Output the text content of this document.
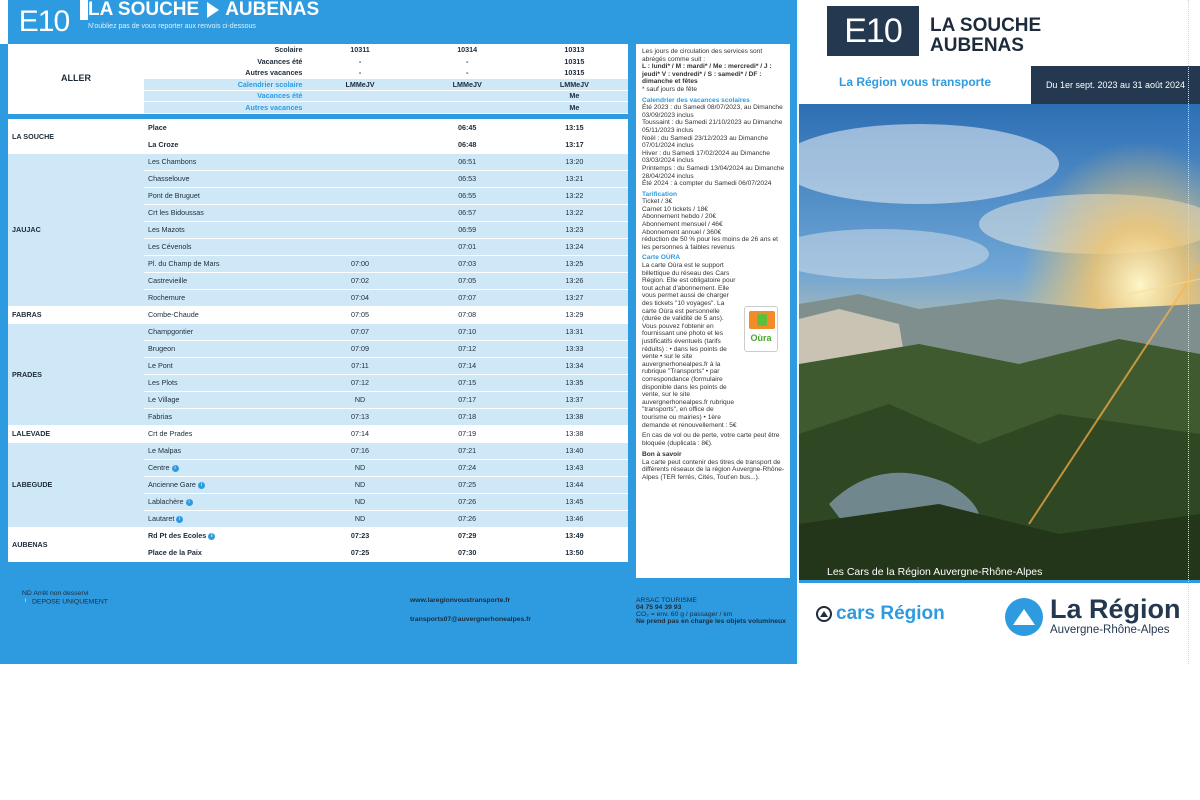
E10 LA SOUCHE AUBENAS
N'oubliez pas de vous reporter aux renvois ci-dessous
ALLER	Scolaire	10311	10314	10313
	Vacances été	-	-	10315
	Autres vacances	-	-	10315
	Calendrier scolaire	LMMeJV	LMMeJV	LMMeJV
	Vacances été			Me
	Autres vacances			Me

LA SOUCHE	Place		06:45	13:15
	La Croze		06:48	13:17
JAUJAC	Les Chambons		06:51	13:20
	Chasselouve		06:53	13:21
	Pont de Bruguet		06:55	13:22
	Crt les Bidoussas		06:57	13:22
	Les Mazots		06:59	13:23
	Les Cévenols		07:01	13:24
	Pl. du Champ de Mars	07:00	07:03	13:25
	Castrevieille	07:02	07:05	13:26
	Rochemure	07:04	07:07	13:27
FABRAS	Combe-Chaude	07:05	07:08	13:29
PRADES	Champgontier	07:07	07:10	13:31
	Brugeon	07:09	07:12	13:33
	Le Pont	07:11	07:14	13:34
	Les Plots	07:12	07:15	13:35
	Le Village	ND	07:17	13:37
	Fabrias	07:13	07:18	13:38
LALEVADE	Crt de Prades	07:14	07:19	13:38
LABEGUDE	Le Malpas	07:16	07:21	13:40
	Centre i	ND	07:24	13:43
	Ancienne Gare i	ND	07:25	13:44
	Lablachère i	ND	07:26	13:45
	Lautaret i	ND	07:26	13:46
AUBENAS	Rd Pt des Ecoles i	07:23	07:29	13:49
	Place de la Paix	07:25	07:30	13:50
Les jours de circulation des services sont abrégés comme suit :
L : lundi* / M : mardi* / Me : mercredi* / J : jeudi* V : vendredi* / S : samedi* / DF : dimanche et fêtes
* sauf jours de fête
Calendrier des vacances scolaires
Été 2023 : du Samedi 08/07/2023, au Dimanche 03/09/2023 inclus
Toussaint : du Samedi 21/10/2023 au Dimanche 05/11/2023 inclus
Noël : du Samedi 23/12/2023 au Dimanche 07/01/2024 inclus
Hiver : du Samedi 17/02/2024 au Dimanche 03/03/2024 inclus
Printemps : du Samedi 13/04/2024 au Dimanche 28/04/2024 inclus
Été 2024 : à compter du Samedi 06/07/2024
Tarification
Ticket / 3€
Carnet 10 tickets / 18€
Abonnement hebdo / 20€
Abonnement mensuel / 46€
Abonnement annuel / 360€
réduction de 50 % pour les moins de 26 ans et les personnes à faibles revenus
Carte OÙRA
La carte Oùra est le support billettique du réseau des Cars Région. Elle est obligatoire pour tout achat d'abonnement. Elle vous permet aussi de charger des tickets "10 voyages". La carte Oùra est personnelle (durée de validité de 5 ans). Vous pouvez l'obtenir en fournissant une photo et les justificatifs éventuels (tarifs réduits) : • dans les points de vente • sur le site auvergnerhonealpes.fr à la rubrique "Transports" • par correspondance (formulaire disponible dans les points de vente, sur le site auvergnerhonealpes.fr rubrique "transports", en office de tourisme ou mairies) • 1ère demande et renouvellement : 5€
En cas de vol ou de perte, votre carte peut être bloquée (duplicata : 8€).
Bon à savoir
La carte peut contenir des titres de transport de différents réseaux de la région Auvergne-Rhône-Alpes (TER ferrés, Cités, Tout'en bus...).
Oùra
ND Arrêt non desservi
i DEPOSE UNIQUEMENT
Renseignements horaires
www.laregionvoustransporte.fr
Renseignements techniques
transports07@auvergnerhonealpes.fr
Transporteur
ARSAC TOURISME
04 75 94 39 93
CO₂ = env. 60 g / passager / km
Ne prend pas en charge les objets volumineux
E10	LA SOUCHE
AUBENAS
La Région vous transporte	Du 1er sept. 2023 au 31 août 2024
Les Cars de la Région Auvergne-Rhône-Alpes
cars Région	La Région
Auvergne-Rhône-Alpes
